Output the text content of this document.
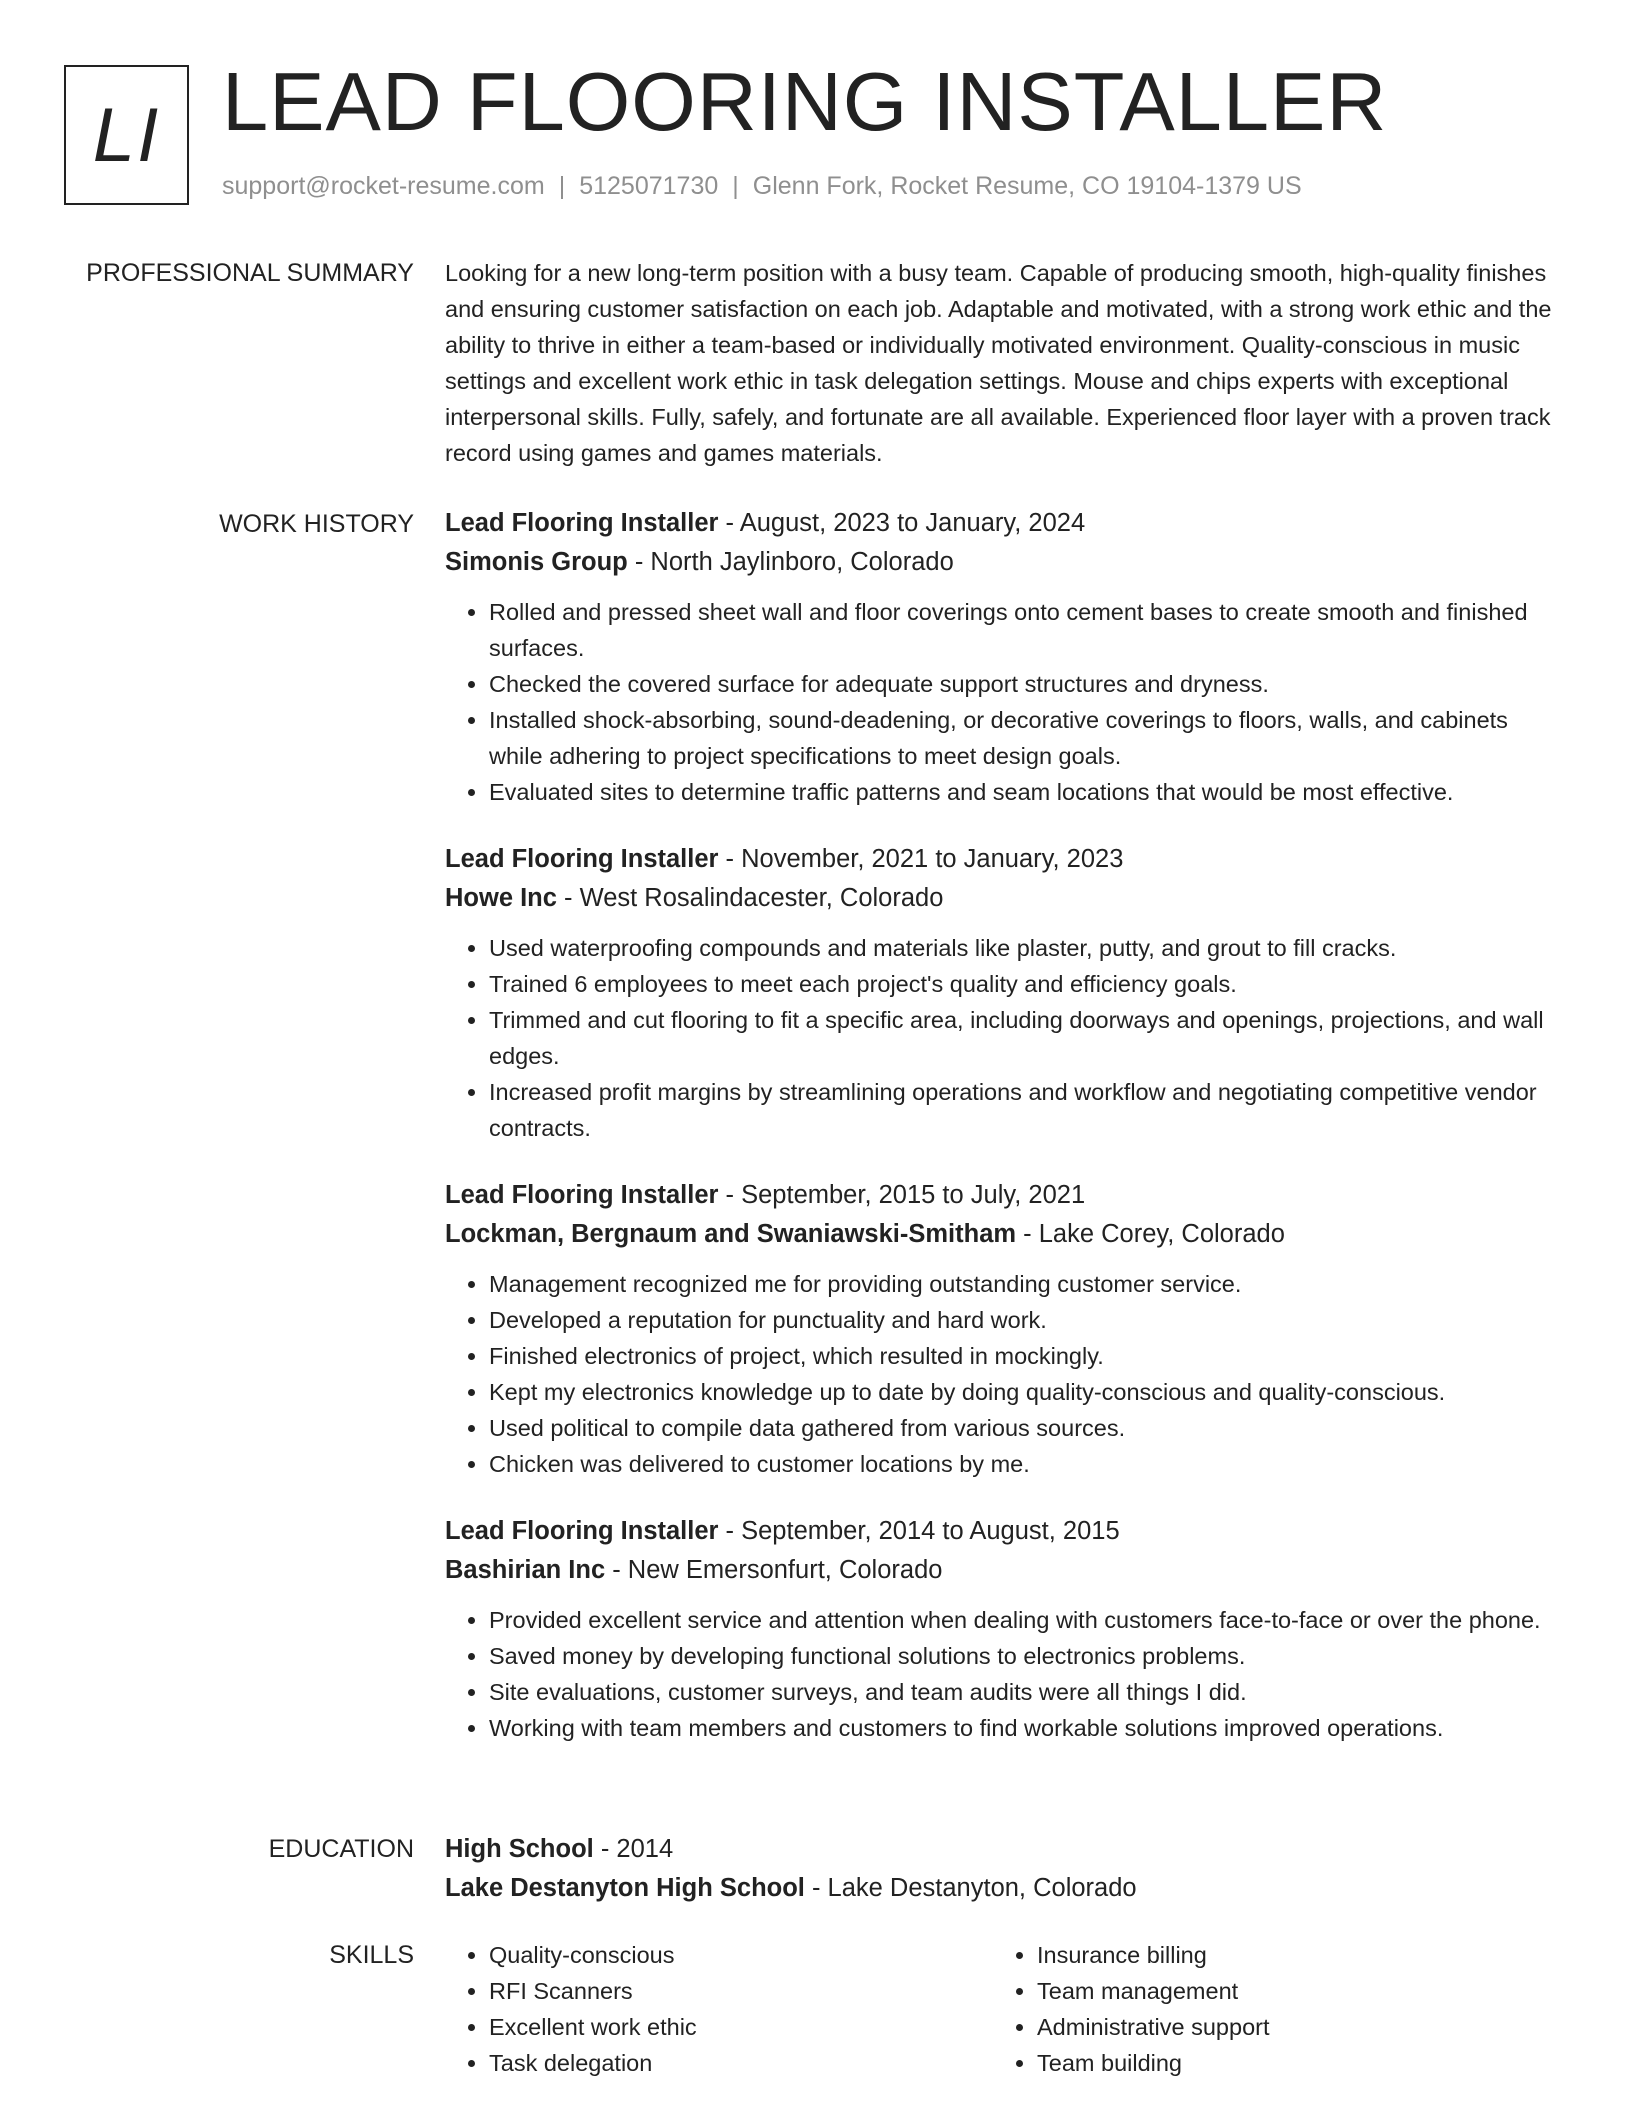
LI LEAD FLOORING INSTALLER
support@rocket-resume.com | 5125071730 | Glenn Fork, Rocket Resume, CO 19104-1379 US
PROFESSIONAL SUMMARY Looking for a new long-term position with a busy team. Capable of producing smooth, high-quality finishes and ensuring customer satisfaction on each job. Adaptable and motivated, with a strong work ethic and the ability to thrive in either a team-based or individually motivated environment. Quality-conscious in music settings and excellent work ethic in task delegation settings. Mouse and chips experts with exceptional interpersonal skills. Fully, safely, and fortunate are all available. Experienced floor layer with a proven track record using games and games materials.

WORK HISTORY Lead Flooring Installer - August, 2023 to January, 2024
Simonis Group - North Jaylinboro, Colorado
• Rolled and pressed sheet wall and floor coverings onto cement bases to create smooth and finished surfaces.
• Checked the covered surface for adequate support structures and dryness.
• Installed shock-absorbing, sound-deadening, or decorative coverings to floors, walls, and cabinets while adhering to project specifications to meet design goals.
• Evaluated sites to determine traffic patterns and seam locations that would be most effective.
Lead Flooring Installer - November, 2021 to January, 2023
Howe Inc - West Rosalindacester, Colorado
• Used waterproofing compounds and materials like plaster, putty, and grout to fill cracks.
• Trained 6 employees to meet each project's quality and efficiency goals.
• Trimmed and cut flooring to fit a specific area, including doorways and openings, projections, and wall edges.
• Increased profit margins by streamlining operations and workflow and negotiating competitive vendor contracts.
Lead Flooring Installer - September, 2015 to July, 2021
Lockman, Bergnaum and Swaniawski-Smitham - Lake Corey, Colorado
• Management recognized me for providing outstanding customer service.
• Developed a reputation for punctuality and hard work.
• Finished electronics of project, which resulted in mockingly.
• Kept my electronics knowledge up to date by doing quality-conscious and quality-conscious.
• Used political to compile data gathered from various sources.
• Chicken was delivered to customer locations by me.
Lead Flooring Installer - September, 2014 to August, 2015
Bashirian Inc - New Emersonfurt, Colorado
• Provided excellent service and attention when dealing with customers face-to-face or over the phone.
• Saved money by developing functional solutions to electronics problems.
• Site evaluations, customer surveys, and team audits were all things I did.
• Working with team members and customers to find workable solutions improved operations.
EDUCATION High School - 2014
Lake Destanyton High School - Lake Destanyton, Colorado
SKILLS
•	Quality-conscious
• RFI Scanners
• Excellent work ethic
• Task delegation
• Insurance billing
• Team management
• Administrative support
• Team building
